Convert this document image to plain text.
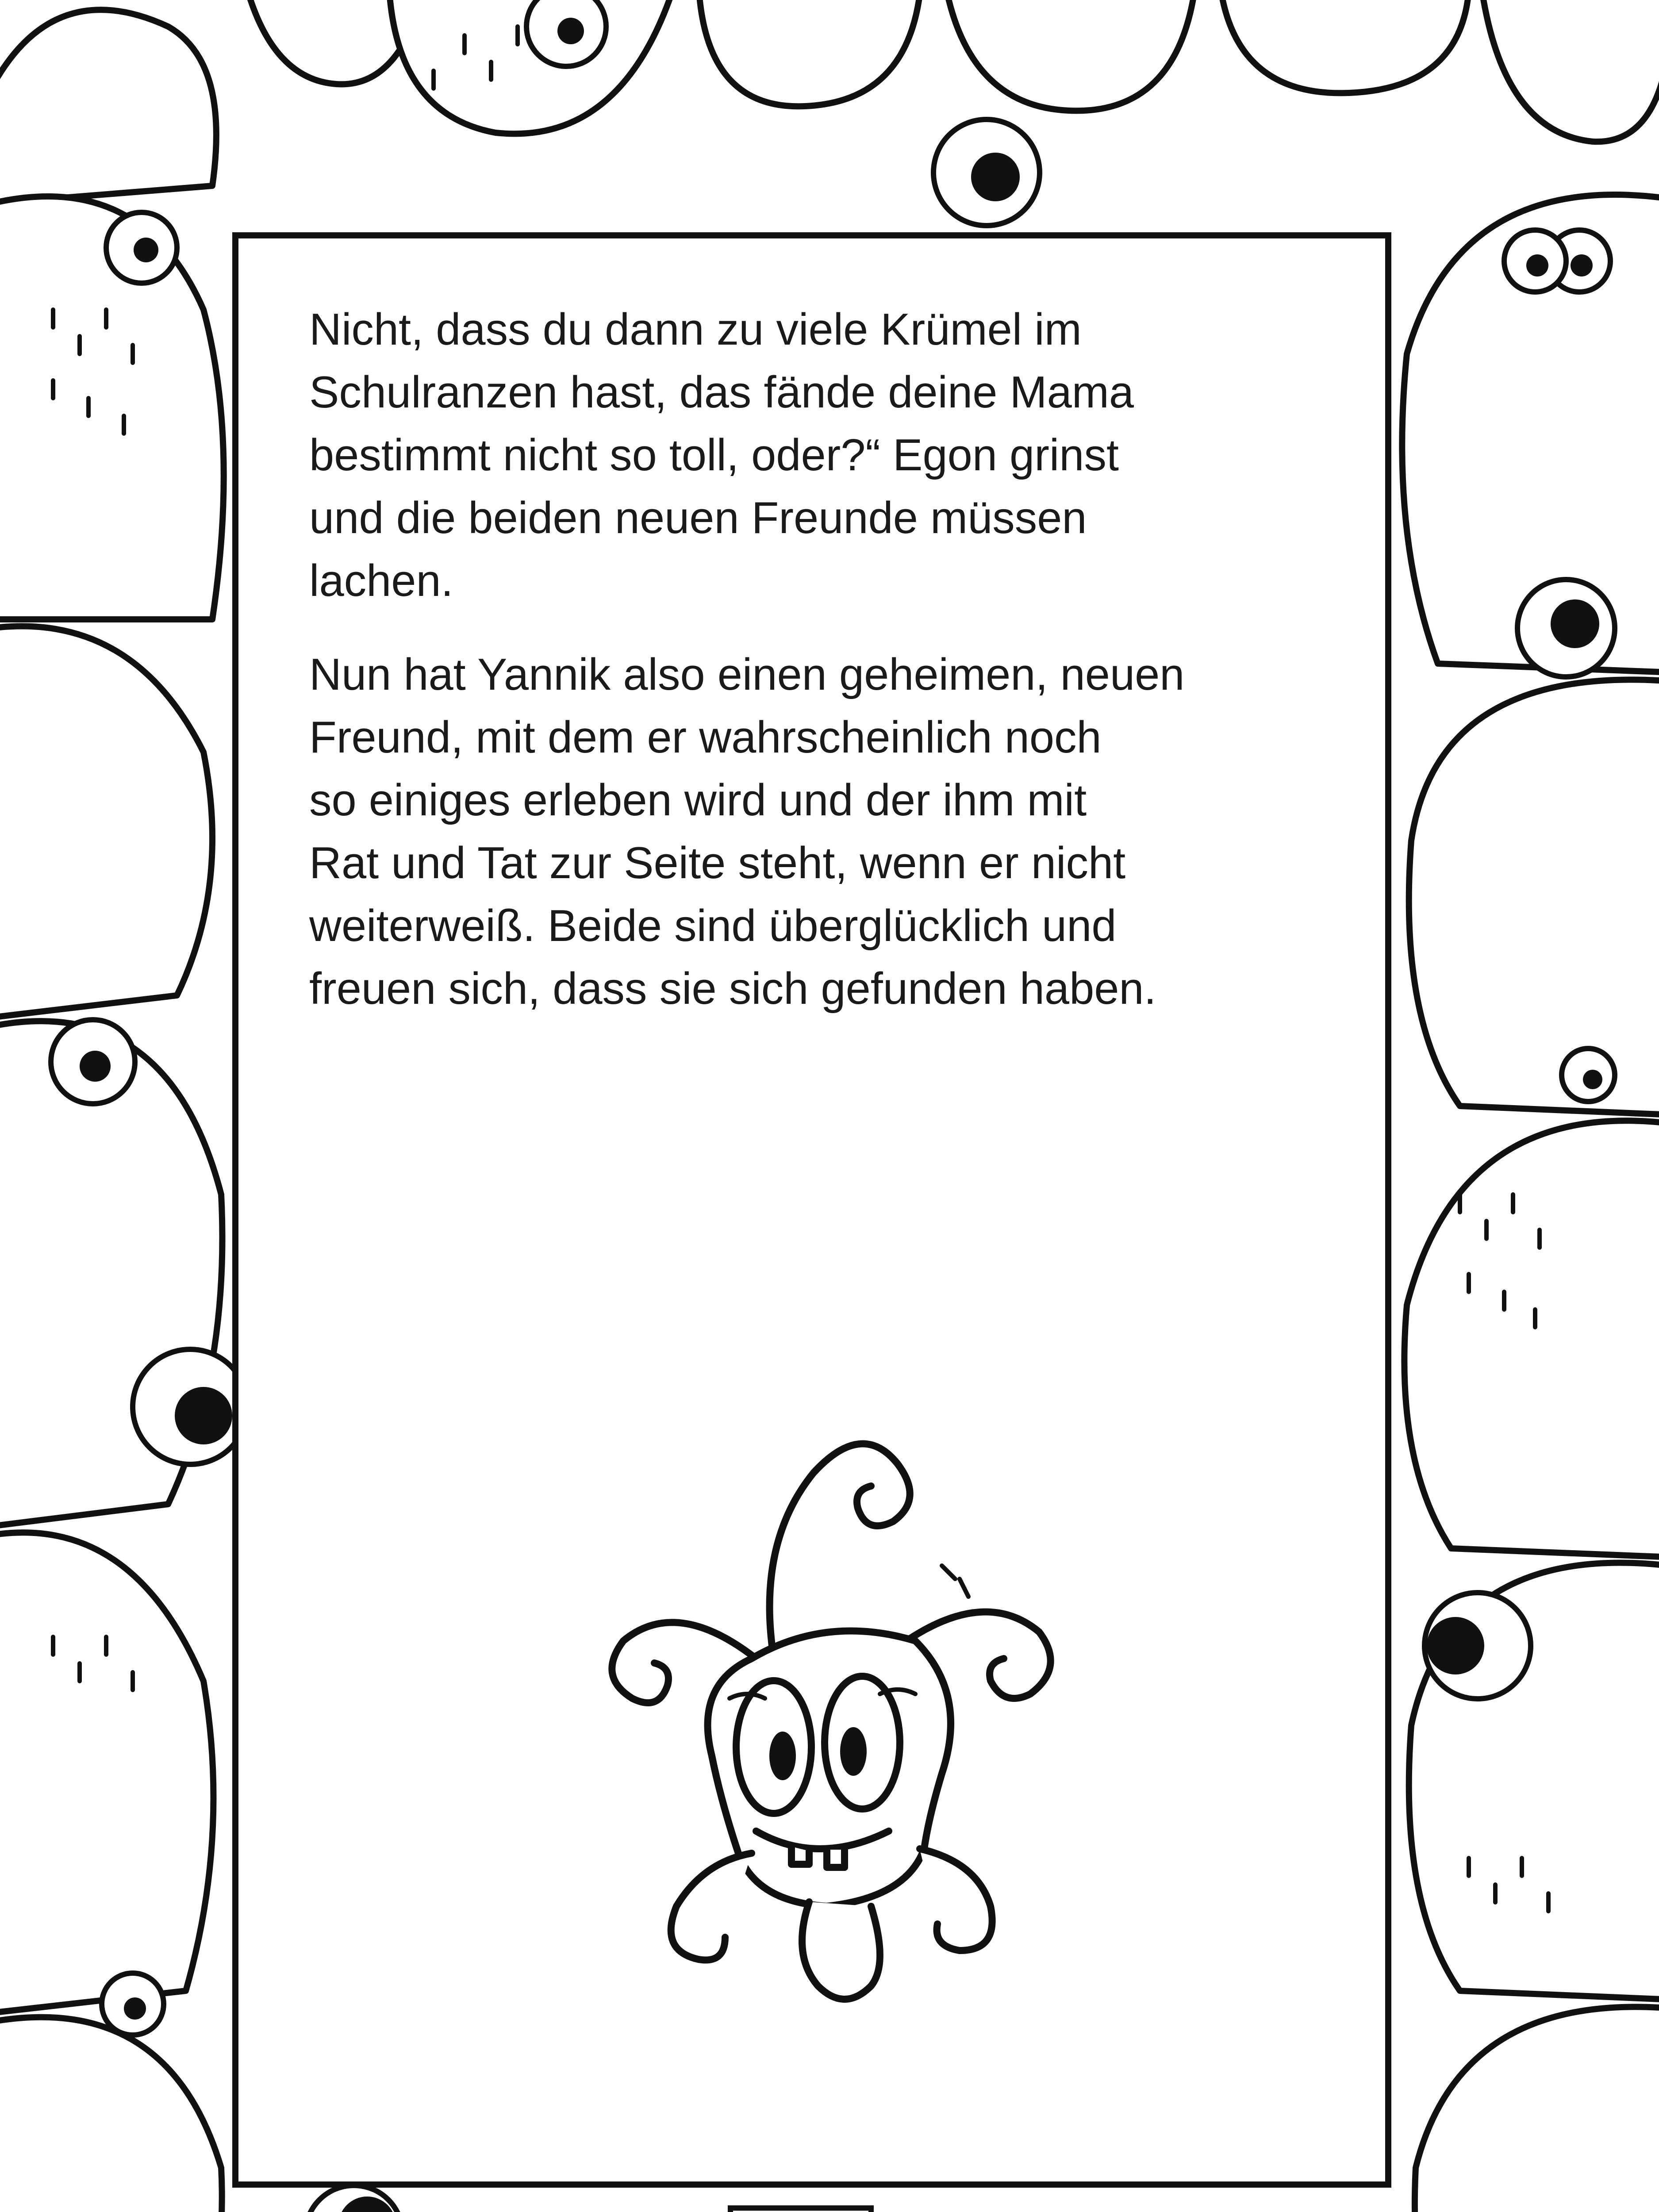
Nicht, dass du dann zu viele Krümel im
Schulranzen hast, das fände deine Mama
bestimmt nicht so toll, oder?“ Egon grinst
und die beiden neuen Freunde müssen
lachen.

Nun hat Yannik also einen geheimen, neuen
Freund, mit dem er wahrscheinlich noch
so einiges erleben wird und der ihm mit
Rat und Tat zur Seite steht, wenn er nicht
weiterweiß. Beide sind überglücklich und
freuen sich, dass sie sich gefunden haben.
